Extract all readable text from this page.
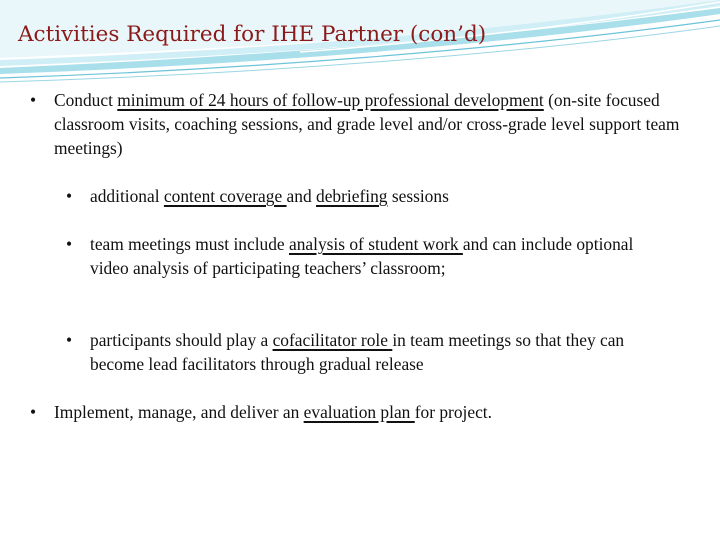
Activities Required for IHE Partner (con’d)
• Conduct minimum of 24 hours of follow-up professional development (on-site focused classroom visits, coaching sessions, and grade level and/or cross-grade level support team meetings)
• additional content coverage and debriefing sessions
• team meetings must include analysis of student work and can include optional video analysis of participating teachers’ classroom;
• participants should play a cofacilitator role in team meetings so that they can become lead facilitators through gradual release
• Implement, manage, and deliver an evaluation plan for project.
